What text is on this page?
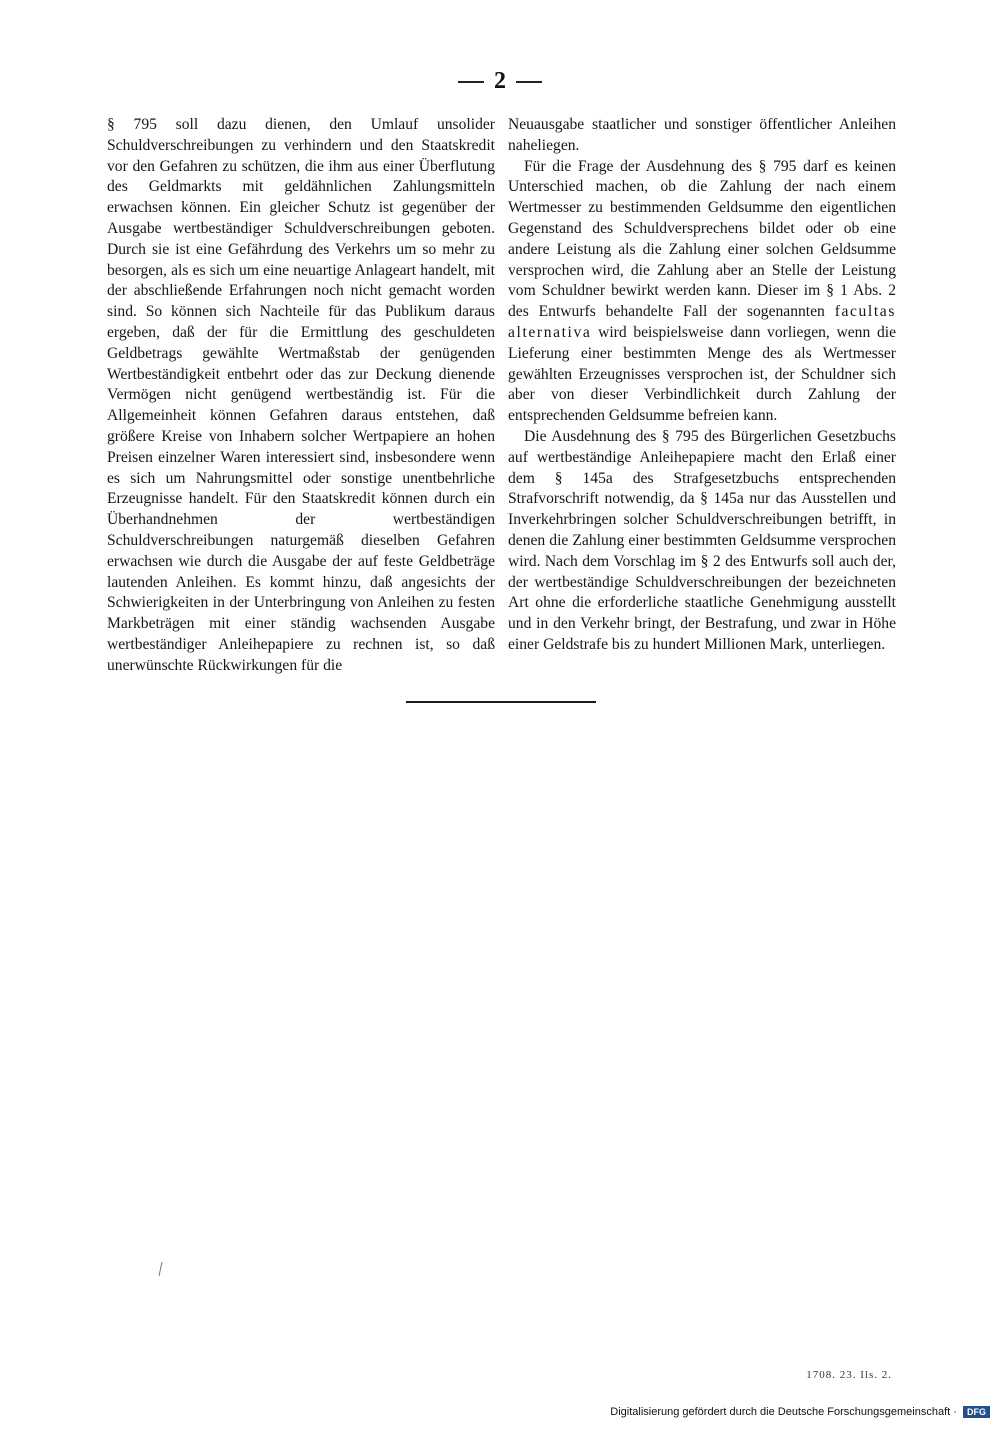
2

§ 795 soll dazu dienen, den Umlauf unsolider Schuldverschreibungen zu verhindern und den Staatskredit vor den Gefahren zu schützen, die ihm aus einer Überflutung des Geldmarkts mit geldähnlichen Zahlungsmitteln erwachsen können. Ein gleicher Schutz ist gegenüber der Ausgabe wertbeständiger Schuldverschreibungen geboten. Durch sie ist eine Gefährdung des Verkehrs um so mehr zu besorgen, als es sich um eine neuartige Anlageart handelt, mit der abschließende Erfahrungen noch nicht gemacht worden sind. So können sich Nachteile für das Publikum daraus ergeben, daß der für die Ermittlung des geschuldeten Geldbetrags gewählte Wertmaßstab der genügenden Wertbeständigkeit entbehrt oder das zur Deckung dienende Vermögen nicht genügend wertbeständig ist. Für die Allgemeinheit können Gefahren daraus entstehen, daß größere Kreise von Inhabern solcher Wertpapiere an hohen Preisen einzelner Waren interessiert sind, insbesondere wenn es sich um Nahrungsmittel oder sonstige unentbehrliche Erzeugnisse handelt. Für den Staatskredit können durch ein Überhandnehmen der wertbeständigen Schuldverschreibungen naturgemäß dieselben Gefahren erwachsen wie durch die Ausgabe der auf feste Geldbeträge lautenden Anleihen. Es kommt hinzu, daß angesichts der Schwierigkeiten in der Unterbringung von Anleihen zu festen Markbeträgen mit einer ständig wachsenden Ausgabe wertbeständiger Anleihepapiere zu rechnen ist, so daß unerwünschte Rückwirkungen für die

Neuausgabe staatlicher und sonstiger öffentlicher Anleihen naheliegen.

Für die Frage der Ausdehnung des § 795 darf es keinen Unterschied machen, ob die Zahlung der nach einem Wertmesser zu bestimmenden Geldsumme den eigentlichen Gegenstand des Schuldversprechens bildet oder ob eine andere Leistung als die Zahlung einer solchen Geldsumme versprochen wird, die Zahlung aber an Stelle der Leistung vom Schuldner bewirkt werden kann. Dieser im § 1 Abs. 2 des Entwurfs behandelte Fall der sogenannten facultas alternativa wird beispielsweise dann vorliegen, wenn die Lieferung einer bestimmten Menge des als Wertmesser gewählten Erzeugnisses versprochen ist, der Schuldner sich aber von dieser Verbindlichkeit durch Zahlung der entsprechenden Geldsumme befreien kann.

Die Ausdehnung des § 795 des Bürgerlichen Gesetzbuchs auf wertbeständige Anleihepapiere macht den Erlaß einer dem § 145a des Strafgesetzbuchs entsprechenden Strafvorschrift notwendig, da § 145a nur das Ausstellen und Inverkehrbringen solcher Schuldverschreibungen betrifft, in denen die Zahlung einer bestimmten Geldsumme versprochen wird. Nach dem Vorschlag im § 2 des Entwurfs soll auch der, der wertbeständige Schuldverschreibungen der bezeichneten Art ohne die erforderliche staatliche Genehmigung ausstellt und in den Verkehr bringt, der Bestrafung, und zwar in Höhe einer Geldstrafe bis zu hundert Millionen Mark, unterliegen.

1708. 23. Ils. 2.
Digitalisierung gefördert durch die Deutsche Forschungsgemeinschaft · DFG
